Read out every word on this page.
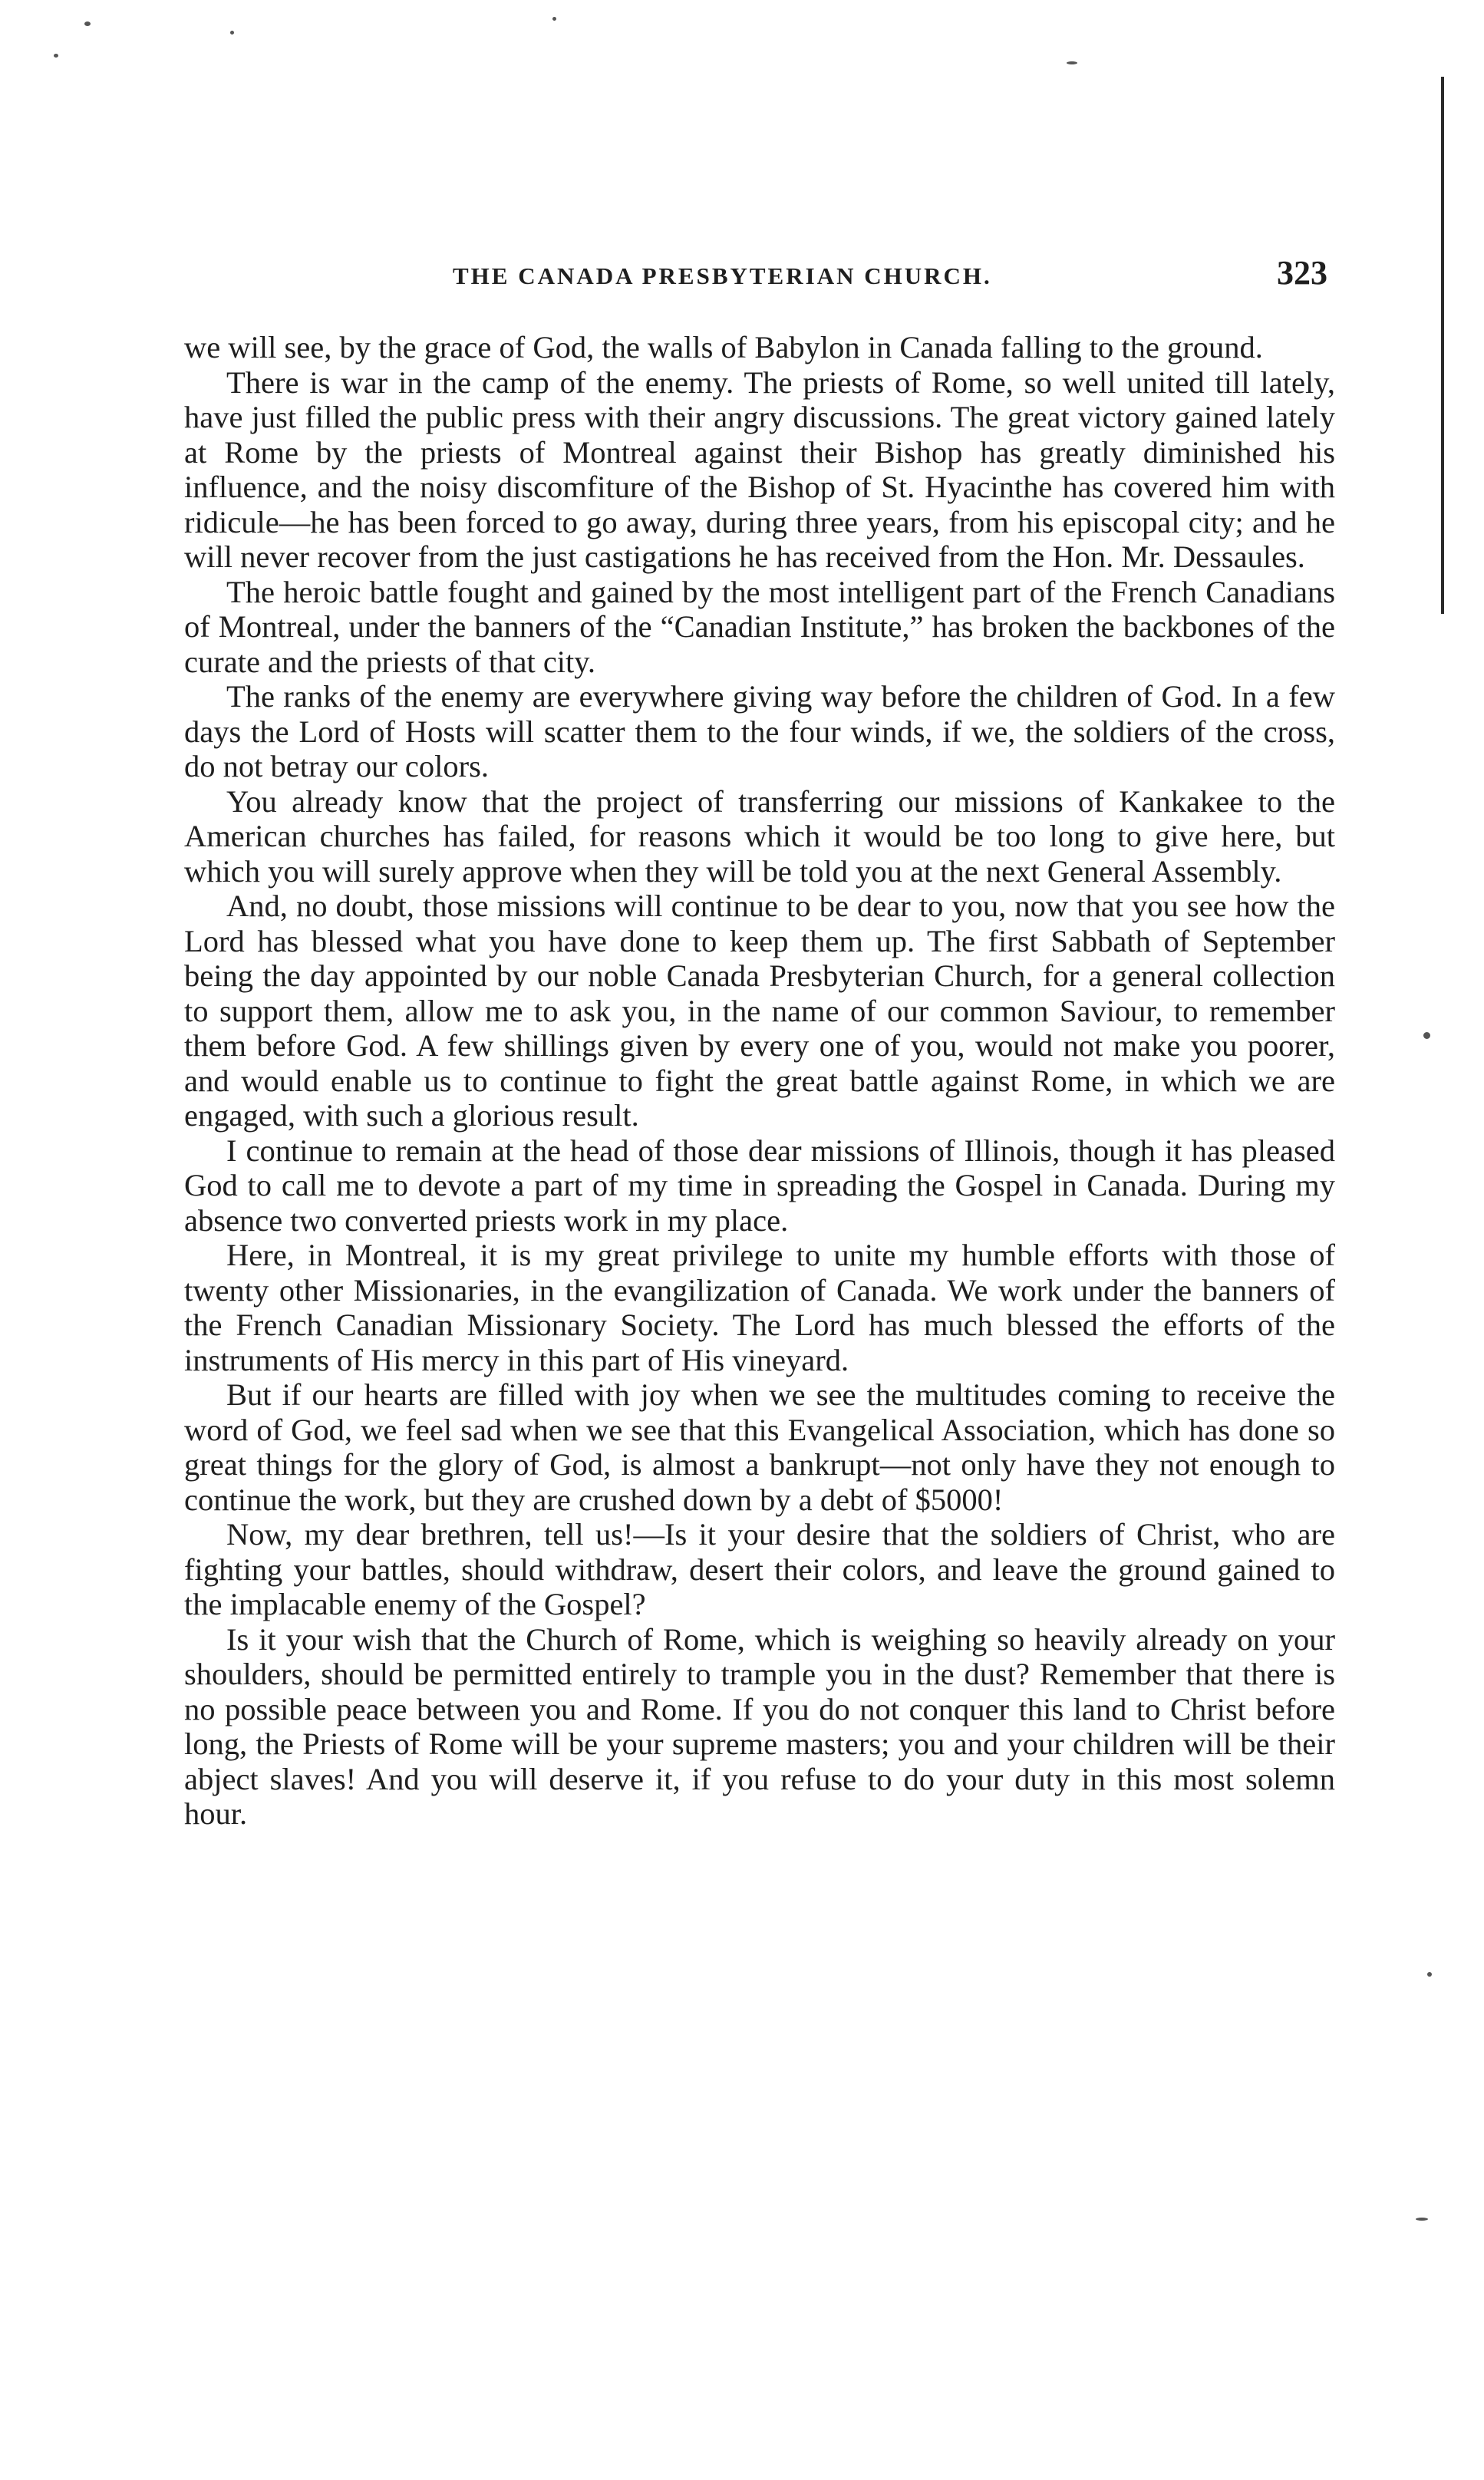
THE CANADA PRESBYTERIAN CHURCH.	323

we will see, by the grace of God, the walls of Babylon in Canada falling to the ground.

There is war in the camp of the enemy. The priests of Rome, so well united till lately, have just filled the public press with their angry discussions. The great victory gained lately at Rome by the priests of Montreal against their Bishop has greatly diminished his influence, and the noisy discomfiture of the Bishop of St. Hyacinthe has covered him with ridicule—he has been forced to go away, during three years, from his episcopal city; and he will never recover from the just castigations he has received from the Hon. Mr. Dessaules.

The heroic battle fought and gained by the most intelligent part of the French Canadians of Montreal, under the banners of the “Canadian Institute,” has broken the backbones of the curate and the priests of that city.

The ranks of the enemy are everywhere giving way before the children of God. In a few days the Lord of Hosts will scatter them to the four winds, if we, the soldiers of the cross, do not betray our colors.

You already know that the project of transferring our missions of Kankakee to the American churches has failed, for reasons which it would be too long to give here, but which you will surely approve when they will be told you at the next General Assembly.

And, no doubt, those missions will continue to be dear to you, now that you see how the Lord has blessed what you have done to keep them up. The first Sabbath of September being the day appointed by our noble Canada Presbyterian Church, for a general collection to support them, allow me to ask you, in the name of our common Saviour, to remember them before God. A few shillings given by every one of you, would not make you poorer, and would enable us to continue to fight the great battle against Rome, in which we are engaged, with such a glorious result.

I continue to remain at the head of those dear missions of Illinois, though it has pleased God to call me to devote a part of my time in spreading the Gospel in Canada. During my absence two converted priests work in my place.

Here, in Montreal, it is my great privilege to unite my humble efforts with those of twenty other Missionaries, in the evangilization of Canada. We work under the banners of the French Canadian Missionary Society. The Lord has much blessed the efforts of the instruments of His mercy in this part of His vineyard.

But if our hearts are filled with joy when we see the multitudes coming to receive the word of God, we feel sad when we see that this Evangelical Association, which has done so great things for the glory of God, is almost a bankrupt—not only have they not enough to continue the work, but they are crushed down by a debt of $5000!

Now, my dear brethren, tell us!—Is it your desire that the soldiers of Christ, who are fighting your battles, should withdraw, desert their colors, and leave the ground gained to the implacable enemy of the Gospel?

Is it your wish that the Church of Rome, which is weighing so heavily already on your shoulders, should be permitted entirely to trample you in the dust? Remember that there is no possible peace between you and Rome. If you do not conquer this land to Christ before long, the Priests of Rome will be your supreme masters; you and your children will be their abject slaves! And you will deserve it, if you refuse to do your duty in this most solemn hour.
